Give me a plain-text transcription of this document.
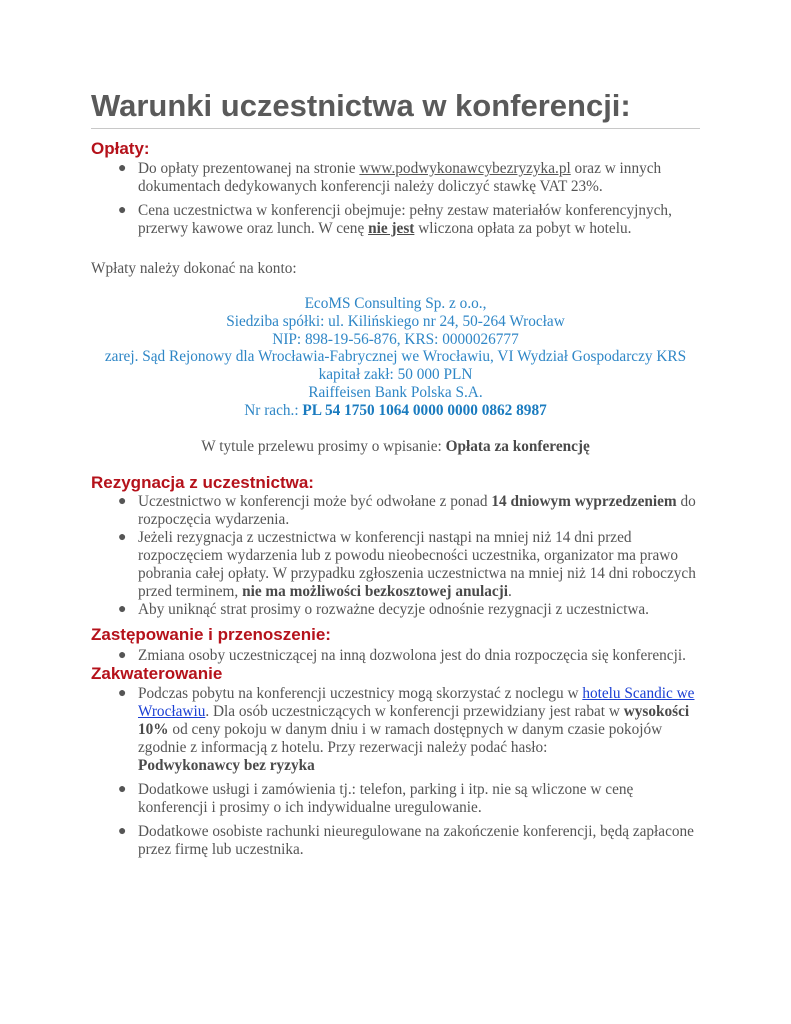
Warunki uczestnictwa w konferencji:
Opłaty:
● Do opłaty prezentowanej na stronie www.podwykonawcybezryzyka.pl oraz w innych dokumentach dedykowanych konferencji należy doliczyć stawkę VAT 23%.
● Cena uczestnictwa w konferencji obejmuje: pełny zestaw materiałów konferencyjnych, przerwy kawowe oraz lunch. W cenę nie jest wliczona opłata za pobyt w hotelu.

Wpłaty należy dokonać na konto:

EcoMS Consulting Sp. z o.o.,

Siedziba spółki: ul. Kilińskiego nr 24, 50-264 Wrocław

NIP: 898-19-56-876, KRS: 0000026777

zarej. Sąd Rejonowy dla Wrocławia-Fabrycznej we Wrocławiu, VI Wydział Gospodarczy KRS

kapitał zakł: 50 000 PLN

Raiffeisen Bank Polska S.A.

Nr rach.: PL 54 1750 1064 0000 0000 0862 8987

W tytule przelewu prosimy o wpisanie: Opłata za konferencję

Rezygnacja z uczestnictwa:
● Uczestnictwo w konferencji może być odwołane z ponad 14 dniowym wyprzedzeniem do rozpoczęcia wydarzenia.
● Jeżeli rezygnacja z uczestnictwa w konferencji nastąpi na mniej niż 14 dni przed rozpoczęciem wydarzenia lub z powodu nieobecności uczestnika, organizator ma prawo pobrania całej opłaty. W przypadku zgłoszenia uczestnictwa na mniej niż 14 dni roboczych przed terminem, nie ma możliwości bezkosztowej anulacji.
● Aby uniknąć strat prosimy o rozważne decyzje odnośnie rezygnacji z uczestnictwa.
Zastępowanie i przenoszenie:
● Zmiana osoby uczestniczącej na inną dozwolona jest do dnia rozpoczęcia się konferencji.
Zakwaterowanie
● Podczas pobytu na konferencji uczestnicy mogą skorzystać z noclegu w hotelu Scandic we Wrocławiu. Dla osób uczestniczących w konferencji przewidziany jest rabat w wysokości 10% od ceny pokoju w danym dniu i w ramach dostępnych w danym czasie pokojów zgodnie z informacją z hotelu. Przy rezerwacji należy podać hasło:
Podwykonawcy bez ryzyka
● Dodatkowe usługi i zamówienia tj.: telefon, parking i itp. nie są wliczone w cenę konferencji i prosimy o ich indywidualne uregulowanie.
● Dodatkowe osobiste rachunki nieuregulowane na zakończenie konferencji, będą zapłacone przez firmę lub uczestnika.
